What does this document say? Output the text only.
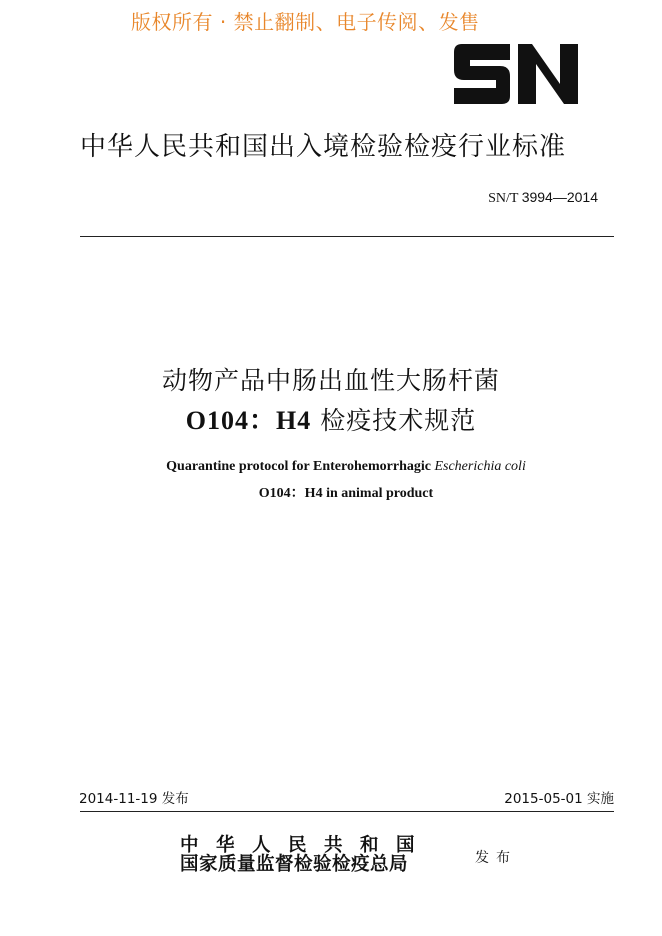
版权所有 · 禁止翻制、电子传阅、发售
中华人民共和国出入境检验检疫行业标准
SN/T 3994—2014
动物产品中肠出血性大肠杆菌
O104：H4 检疫技术规范
Quarantine protocol for Enterohemorrhagic Escherichia coli
O104：H4 in animal product
2014-11-19 发布	2015-05-01 实施
中华人民共和国
国家质量监督检验检疫总局	发布
